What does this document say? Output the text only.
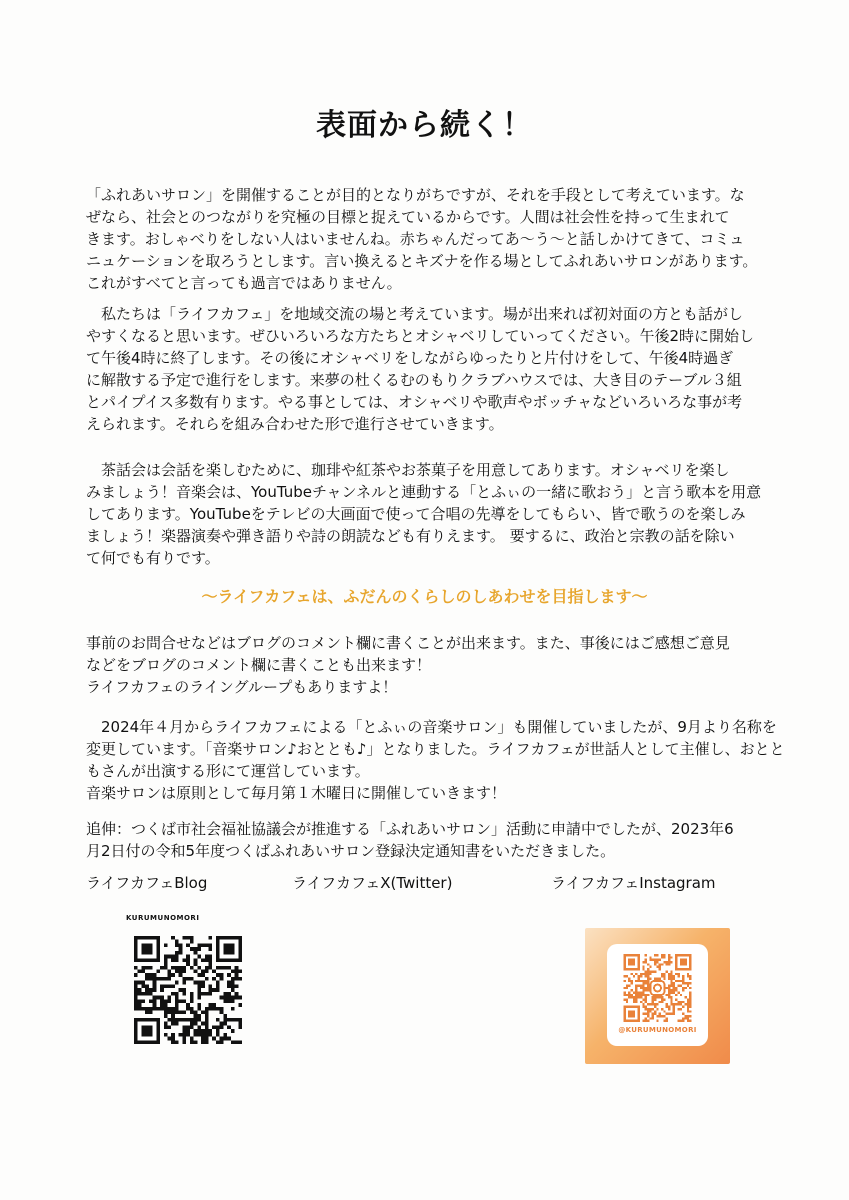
表面から続く！
「ふれあいサロン」を開催することが目的となりがちですが、それを手段として考えています。な
ぜなら、社会とのつながりを究極の目標と捉えているからです。人間は社会性を持って生まれて
きます。おしゃべりをしない人はいませんね。赤ちゃんだってあ～う～と話しかけてきて、コミュ
ニュケーションを取ろうとします。言い換えるとキズナを作る場としてふれあいサロンがあります。
これがすべてと言っても過言ではありません。
　私たちは「ライフカフェ」を地域交流の場と考えています。場が出来れば初対面の方とも話がし
やすくなると思います。ぜひいろいろな方たちとオシャベリしていってください。午後2時に開始し
て午後4時に終了します。その後にオシャベリをしながらゆったりと片付けをして、午後4時過ぎ
に解散する予定で進行をします。来夢の杜くるむのもりクラブハウスでは、大き目のテーブル３組
とパイプイス多数有ります。やる事としては、オシャベリや歌声やボッチャなどいろいろな事が考
えられます。それらを組み合わせた形で進行させていきます。
　茶話会は会話を楽しむために、珈琲や紅茶やお茶菓子を用意してあります。オシャベリを楽し
みましょう！音楽会は、YouTubeチャンネルと連動する「とふぃの一緒に歌おう」と言う歌本を用意
してあります。YouTubeをテレビの大画面で使って合唱の先導をしてもらい、皆で歌うのを楽しみ
ましょう！楽器演奏や弾き語りや詩の朗読なども有りえます。 要するに、政治と宗教の話を除い
て何でも有りです。
～ライフカフェは、ふだんのくらしのしあわせを目指します～
事前のお問合せなどはブログのコメント欄に書くことが出来ます。また、事後にはご感想ご意見
などをブログのコメント欄に書くことも出来ます！
ライフカフェのライングループもありますよ！
　2024年４月からライフカフェによる「とふぃの音楽サロン」も開催していましたが、9月より名称を
変更しています。「音楽サロン♪おととも♪」となりました。ライフカフェが世話人として主催し、おとと
もさんが出演する形にて運営しています。
音楽サロンは原則として毎月第１木曜日に開催していきます！
追伸：つくば市社会福祉協議会が推進する「ふれあいサロン」活動に申請中でしたが、2023年6
月2日付の令和5年度つくばふれあいサロン登録決定通知書をいただきました。
ライフカフェBlog	ライフカフェX(Twitter)	ライフカフェInstagram
KURUMUNOMORI
@KURUMUNOMORI
